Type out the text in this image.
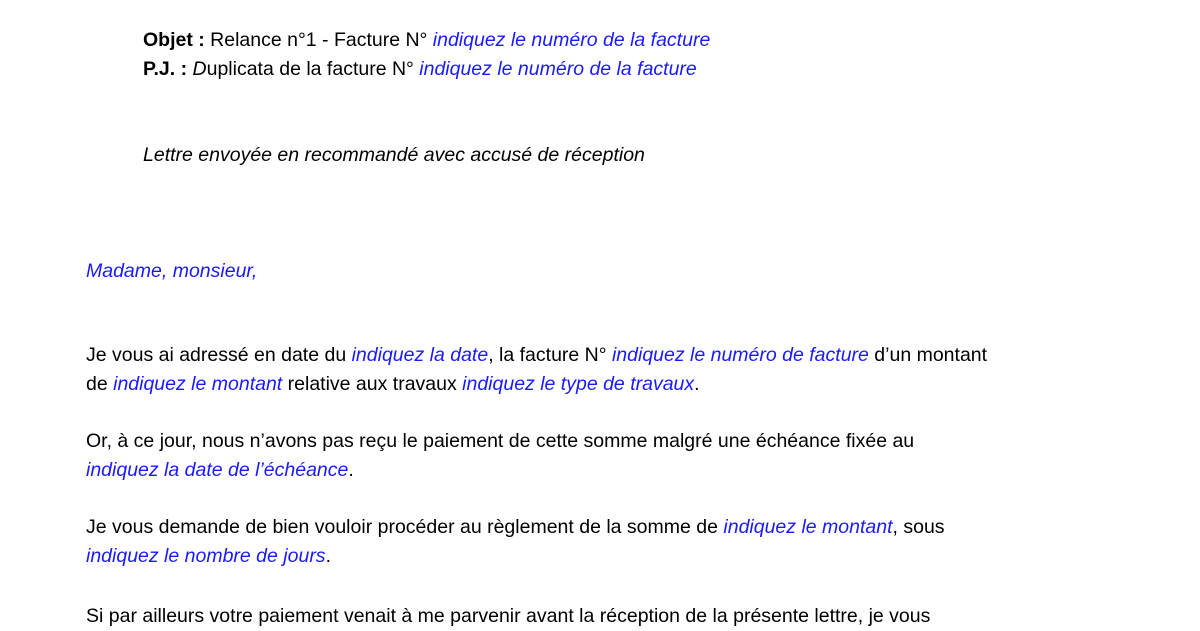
Objet : Relance n°1 - Facture N° indiquez le numéro de la facture
P.J. : Duplicata de la facture N° indiquez le numéro de la facture
Lettre envoyée en recommandé avec accusé de réception
Madame, monsieur,
Je vous ai adressé en date du indiquez la date, la facture N° indiquez le numéro de facture d’un montant
de indiquez le montant relative aux travaux indiquez le type de travaux.
Or, à ce jour, nous n’avons pas reçu le paiement de cette somme malgré une échéance fixée au
indiquez la date de l’échéance.
Je vous demande de bien vouloir procéder au règlement de la somme de indiquez le montant, sous
indiquez le nombre de jours.
Si par ailleurs votre paiement venait à me parvenir avant la réception de la présente lettre, je vous
